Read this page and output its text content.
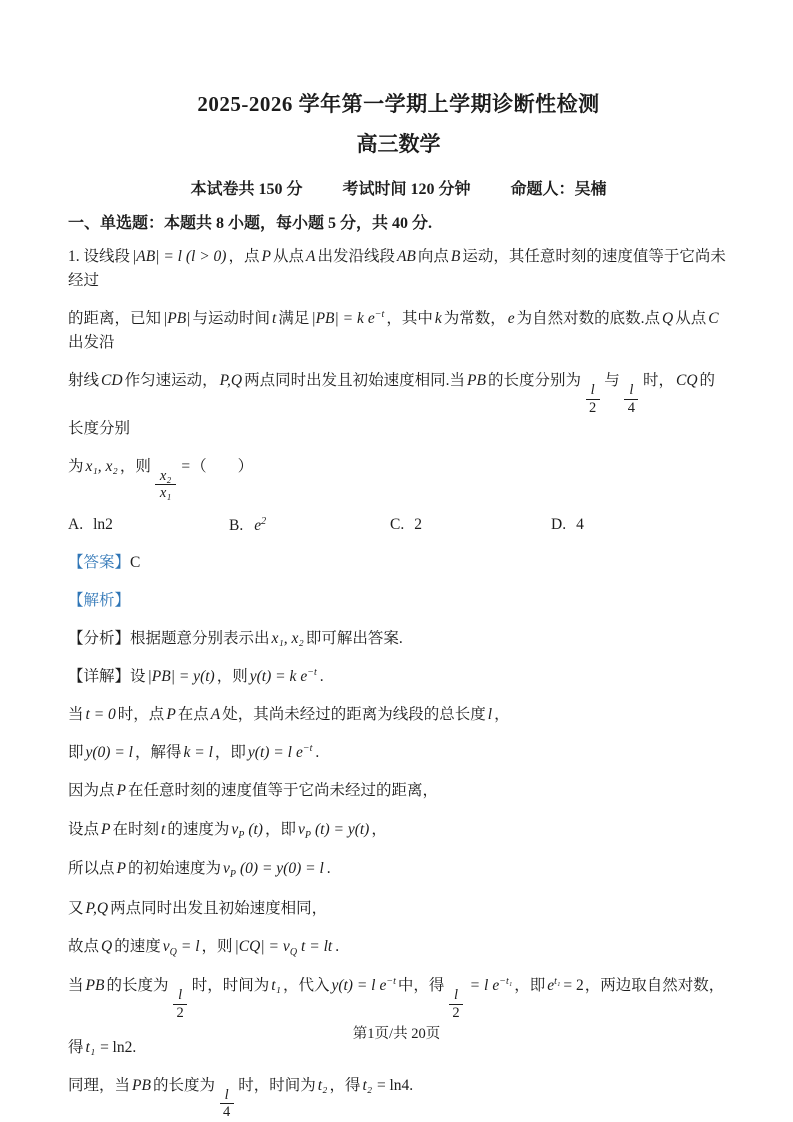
2025-2026 学年第一学期上学期诊断性检测
高三数学
本试卷共 150 分	考试时间 120 分钟	命题人：吴楠
一、单选题：本题共 8 小题，每小题 5 分，共 40 分.

1. 设线段 |AB| = l (l > 0) ，点 P 从点 A 出发沿线段 AB 向点 B 运动，其任意时刻的速度值等于它尚未经过

的距离，已知 |PB| 与运动时间 t 满足 |PB| = k $e^{-t}$ ，其中 k 为常数， e 为自然对数的底数.点 Q 从点 C出发沿

射线 CD 作匀速运动， P,Q 两点同时出发且初始速度相同.当 PB 的长度分别为
$\frac{l}{2}$
与
$\frac{l}{4}$
时， CQ 的长度分别

为 x₁, x₂ ，则
$\frac{\text{x₂}}{\text{x₁}}$
=（　　）

A. ln2	B. $e^2$	C. 2	D. 4

【答案】C

【解析】

【分析】根据题意分别表示出 x₁, x₂ 即可解出答案.

【详解】设 |PB| = y(t) ，则 y(t) = k $e^{-t}$ .

当 t = 0 时，点 P 在点 A 处，其尚未经过的距离为线段的总长度 l ，

即 y(0) = l ，解得 k = l ，即 y(t) = l $e^{-t}$ .

因为点 P 在任意时刻的速度值等于它尚未经过的距离，

设点 P 在时刻 t 的速度为 $v_P$ (t) ，即 $v_P$ (t) = y(t) ，

所以点 P 的初始速度为 $v_P$ (0) = y(0) = l .

又 P,Q 两点同时出发且初始速度相同，

故点 Q 的速度 $v_Q = l$ ，则 $|CQ| = v_Q$ t = lt .

当 PB 的长度为
$\frac{l}{2}$
时，时间为 t₁ ，代入 y(t) = l $e^{-t}$ 中，得
$\frac{l}{2}$
= l $e^{-t_1}$ ，即 $e^{t_1} = 2$，两边取自然对数，

得 t₁ = ln2.

同理，当 PB 的长度为
$\frac{l}{4}$
时，时间为 t₂ ，得 t₂ = ln4.

第1页/共 20页
